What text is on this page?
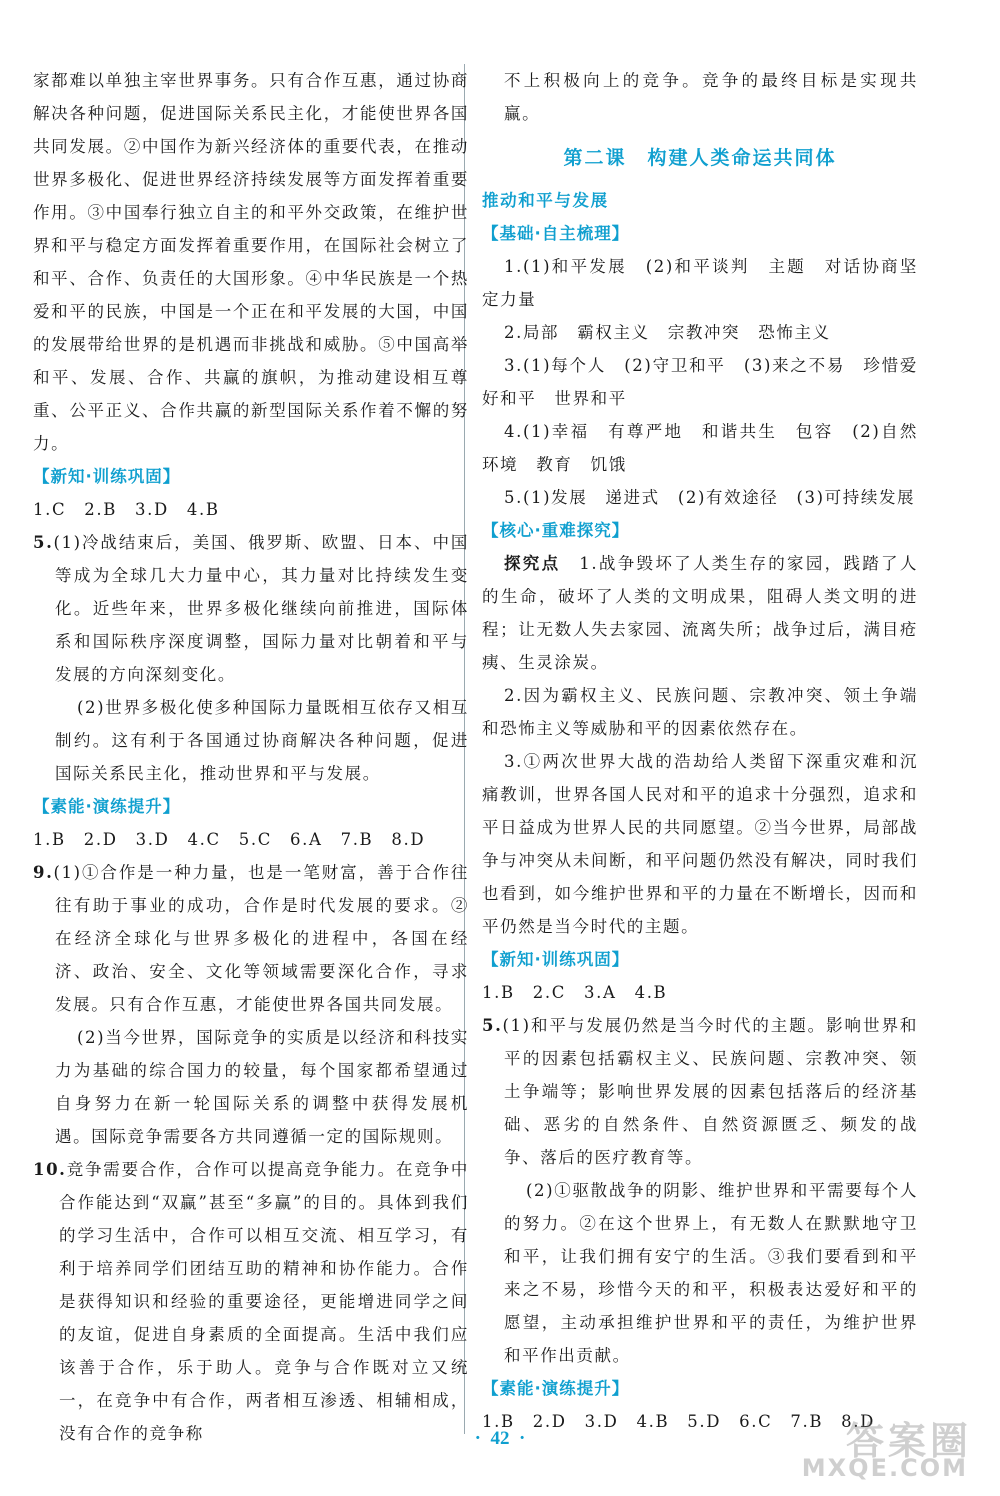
家都难以单独主宰世界事务。只有合作互惠，通过协商解决各种问题，促进国际关系民主化，才能使世界各国共同发展。②中国作为新兴经济体的重要代表，在推动世界多极化、促进世界经济持续发展等方面发挥着重要作用。③中国奉行独立自主的和平外交政策，在维护世界和平与稳定方面发挥着重要作用，在国际社会树立了和平、合作、负责任的大国形象。④中华民族是一个热爱和平的民族，中国是一个正在和平发展的大国，中国的发展带给世界的是机遇而非挑战和威胁。⑤中国高举和平、发展、合作、共赢的旗帜，为推动建设相互尊重、公平正义、合作共赢的新型国际关系作着不懈的努力。

【新知·训练巩固】

1.C　2.B　3.D　4.B

5.(1)冷战结束后，美国、俄罗斯、欧盟、日本、中国等成为全球几大力量中心，其力量对比持续发生变化。近些年来，世界多极化继续向前推进，国际体系和国际秩序深度调整，国际力量对比朝着和平与发展的方向深刻变化。

(2)世界多极化使多种国际力量既相互依存又相互制约。这有利于各国通过协商解决各种问题，促进国际关系民主化，推动世界和平与发展。

【素能·演练提升】

1.B　2.D　3.D　4.C　5.C　6.A　7.B　8.D

9.(1)①合作是一种力量，也是一笔财富，善于合作往往有助于事业的成功，合作是时代发展的要求。②在经济全球化与世界多极化的进程中，各国在经济、政治、安全、文化等领域需要深化合作，寻求发展。只有合作互惠，才能使世界各国共同发展。

(2)当今世界，国际竞争的实质是以经济和科技实力为基础的综合国力的较量，每个国家都希望通过自身努力在新一轮国际关系的调整中获得发展机遇。国际竞争需要各方共同遵循一定的国际规则。

10.竞争需要合作，合作可以提高竞争能力。在竞争中合作能达到“双赢”甚至“多赢”的目的。具体到我们的学习生活中，合作可以相互交流、相互学习，有利于培养同学们团结互助的精神和协作能力。合作是获得知识和经验的重要途径，更能增进同学之间的友谊，促进自身素质的全面提高。生活中我们应该善于合作，乐于助人。竞争与合作既对立又统一，在竞争中有合作，两者相互渗透、相辅相成，没有合作的竞争称

不上积极向上的竞争。竞争的最终目标是实现共赢。

第二课　构建人类命运共同体

推动和平与发展

【基础·自主梳理】

1.(1)和平发展　(2)和平谈判　主题　对话协商坚定力量

2.局部　霸权主义　宗教冲突　恐怖主义

3.(1)每个人　(2)守卫和平　(3)来之不易　珍惜爱好和平　世界和平

4.(1)幸福　有尊严地　和谐共生　包容　(2)自然环境　教育　饥饿

5.(1)发展　递进式　(2)有效途径　(3)可持续发展

【核心·重难探究】

探究点　 1.战争毁坏了人类生存的家园，践踏了人的生命，破坏了人类的文明成果，阻碍人类文明的进程；让无数人失去家园、流离失所；战争过后，满目疮痍、生灵涂炭。

2.因为霸权主义、民族问题、宗教冲突、领土争端和恐怖主义等威胁和平的因素依然存在。

3.①两次世界大战的浩劫给人类留下深重灾难和沉痛教训，世界各国人民对和平的追求十分强烈，追求和平日益成为世界人民的共同愿望。②当今世界，局部战争与冲突从未间断，和平问题仍然没有解决，同时我们也看到，如今维护世界和平的力量在不断增长，因而和平仍然是当今时代的主题。

【新知·训练巩固】

1.B　2.C　3.A　4.B

5.(1)和平与发展仍然是当今时代的主题。影响世界和平的因素包括霸权主义、民族问题、宗教冲突、领土争端等；影响世界发展的因素包括落后的经济基础、恶劣的自然条件、自然资源匮乏、频发的战争、落后的医疗教育等。

(2)①驱散战争的阴影、维护世界和平需要每个人的努力。②在这个世界上，有无数人在默默地守卫和平，让我们拥有安宁的生活。③我们要看到和平来之不易，珍惜今天的和平，积极表达爱好和平的愿望，主动承担维护世界和平的责任，为维护世界和平作出贡献。

【素能·演练提升】

1.B　2.D　3.D　4.B　5.D　6.C　7.B　8.D

·  42  ·	答案圈
MXQE.COM
